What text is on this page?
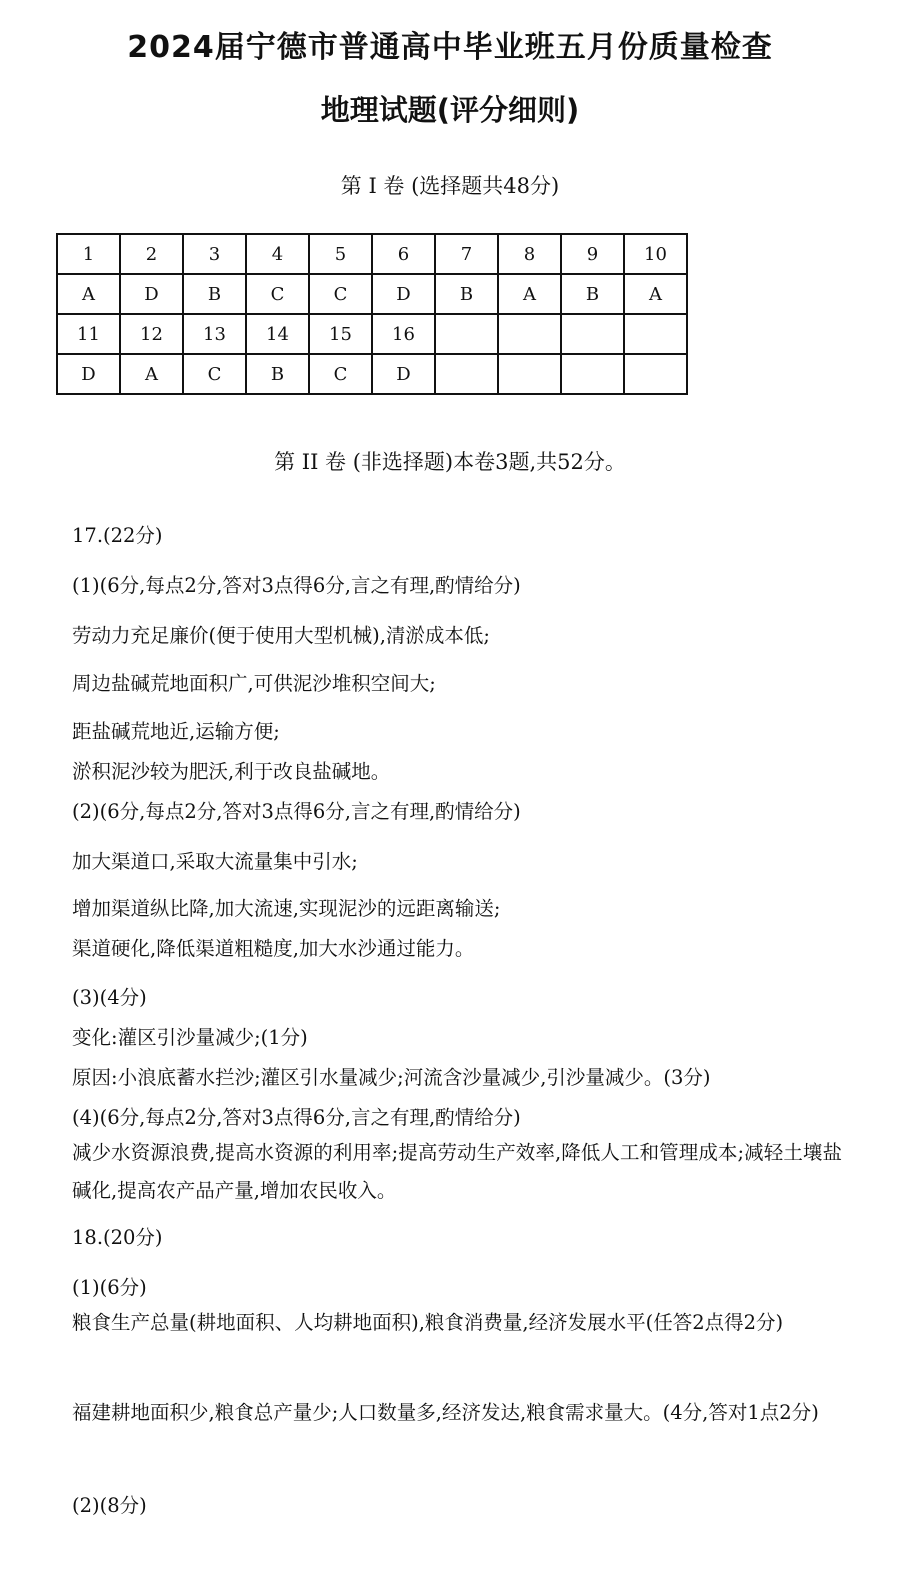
2024届宁德市普通高中毕业班五月份质量检查
地理试题(评分细则)
第 I 卷 (选择题共48分)
1	2	3	4	5	6	7	8	9	10
A	D	B	C	C	D	B	A	B	A
11	12	13	14	15	16				
D	A	C	B	C	D				
第 II 卷 (非选择题)本卷3题,共52分。
17.(22分)
(1)(6分,每点2分,答对3点得6分,言之有理,酌情给分)
劳动力充足廉价(便于使用大型机械),清淤成本低;
周边盐碱荒地面积广,可供泥沙堆积空间大;
距盐碱荒地近,运输方便;
淤积泥沙较为肥沃,利于改良盐碱地。
(2)(6分,每点2分,答对3点得6分,言之有理,酌情给分)
加大渠道口,采取大流量集中引水;
增加渠道纵比降,加大流速,实现泥沙的远距离输送;
渠道硬化,降低渠道粗糙度,加大水沙通过能力。
(3)(4分)
变化:灌区引沙量减少;(1分)
原因:小浪底蓄水拦沙;灌区引水量减少;河流含沙量减少,引沙量减少。(3分)
(4)(6分,每点2分,答对3点得6分,言之有理,酌情给分)
减少水资源浪费,提高水资源的利用率;提高劳动生产效率,降低人工和管理成本;减轻土壤盐碱化,提高农产品产量,增加农民收入。
18.(20分)
(1)(6分)
粮食生产总量(耕地面积、人均耕地面积),粮食消费量,经济发展水平(任答2点得2分)
福建耕地面积少,粮食总产量少;人口数量多,经济发达,粮食需求量大。(4分,答对1点2分)
(2)(8分)
